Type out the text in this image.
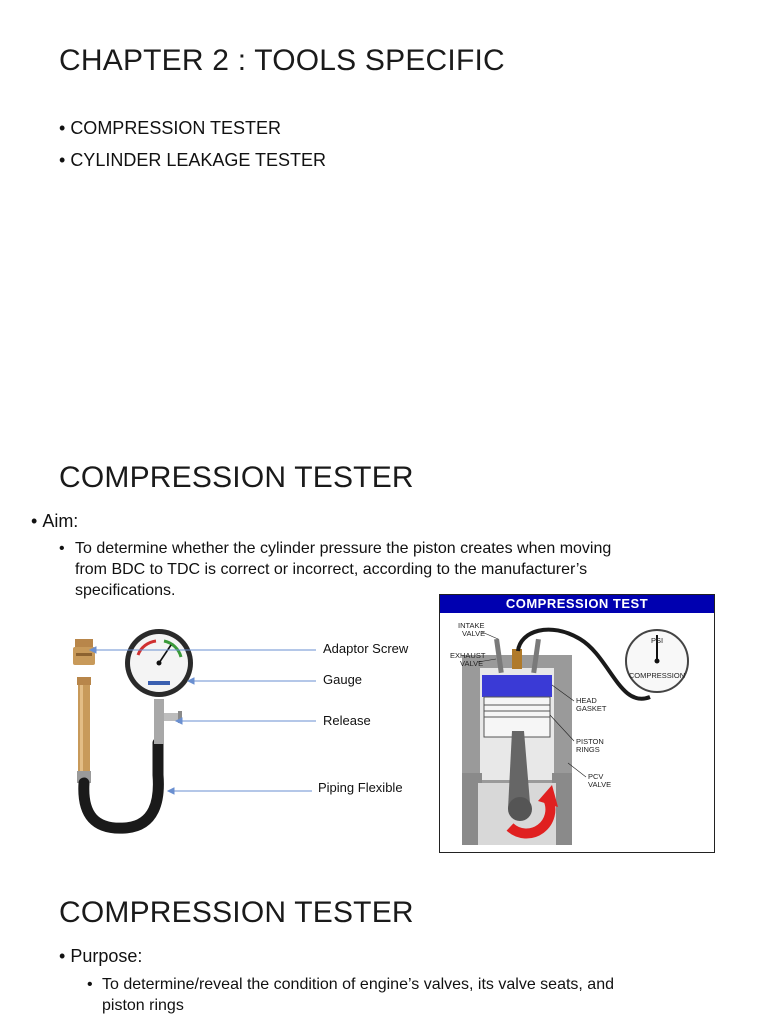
CHAPTER 2 : TOOLS SPECIFIC
• COMPRESSION TESTER
• CYLINDER LEAKAGE TESTER
COMPRESSION TESTER
• Aim:
• To determine whether the cylinder pressure the piston creates when moving
from BDC to TDC is correct or incorrect, according to the manufacturer’s
specifications.
Adaptor Screw
Gauge
Release
Piping Flexible
COMPRESSION TEST
PSI
COMPRESSION
INTAKE
VALVE
EXHAUST
VALVE
HEAD
GASKET
PISTON
RINGS
PCV
VALVE
COMPRESSION TESTER
• Purpose:
• To determine/reveal the condition of engine’s valves, its valve seats, and
piston rings
